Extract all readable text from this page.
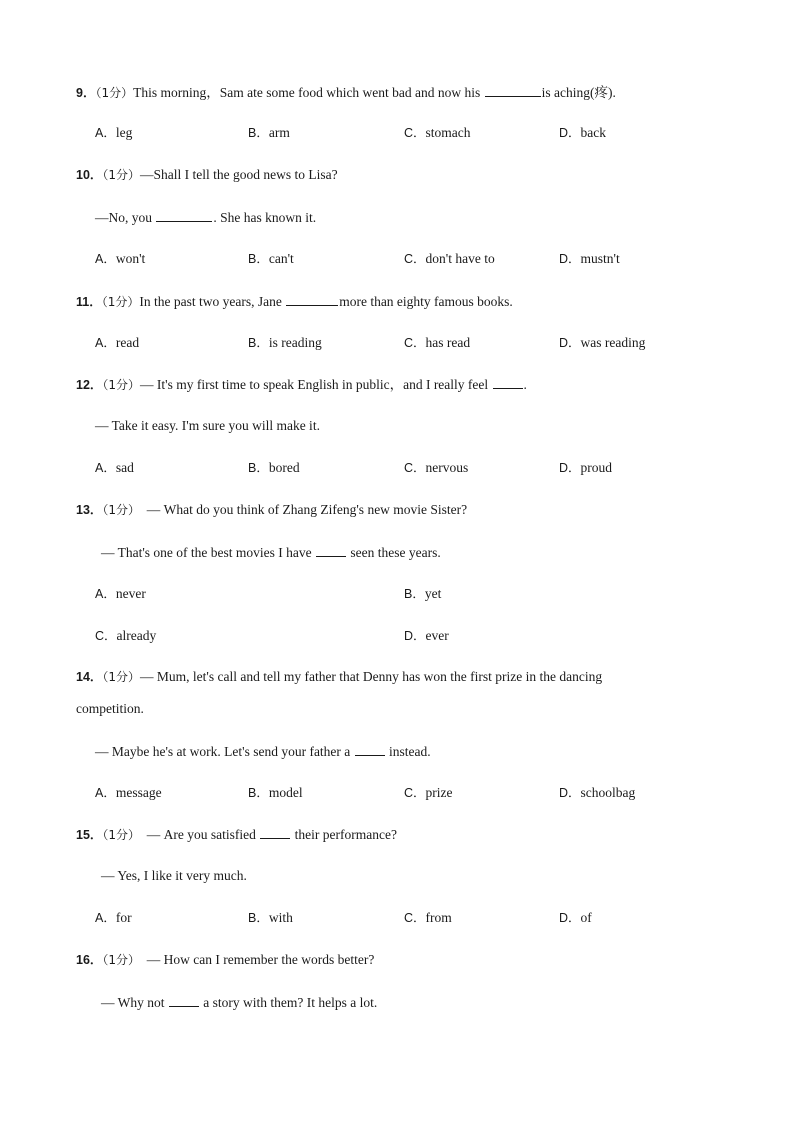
9．（1分）This morning，Sam ate some food which went bad and now his	is aching(疼).
A．leg	B．arm	C．stomach	D．back
10．（1分）—Shall I tell the good news to Lisa?
—No, you	. She has known it.
A．won't	B．can't	C．don't have to	D．mustn't
11．（1分）In the past two years, Jane	more than eighty famous books.
A．read	B．is reading	C．has read	D．was reading
12．（1分）— It's my first time to speak English in public，and I really feel .
— Take it easy. I'm sure you will make it.
A．sad	B．bored	C．nervous	D．proud
13．（1分） — What do you think of Zhang Zifeng's new movie Sister?
— That's one of the best movies I have  seen these years.
A．never	B．yet
C．already	D．ever
14．（1分）— Mum, let's call and tell my father that Denny has won the first prize in the dancing
competition.
— Maybe he's at work. Let's send your father a  instead.
A．message	B．model	C．prize	D．schoolbag
15．（1分） — Are you satisfied  their performance?
— Yes, I like it very much.
A．for	B．with	C．from	D．of
16．（1分） — How can I remember the words better?
— Why not  a story with them? It helps a lot.
